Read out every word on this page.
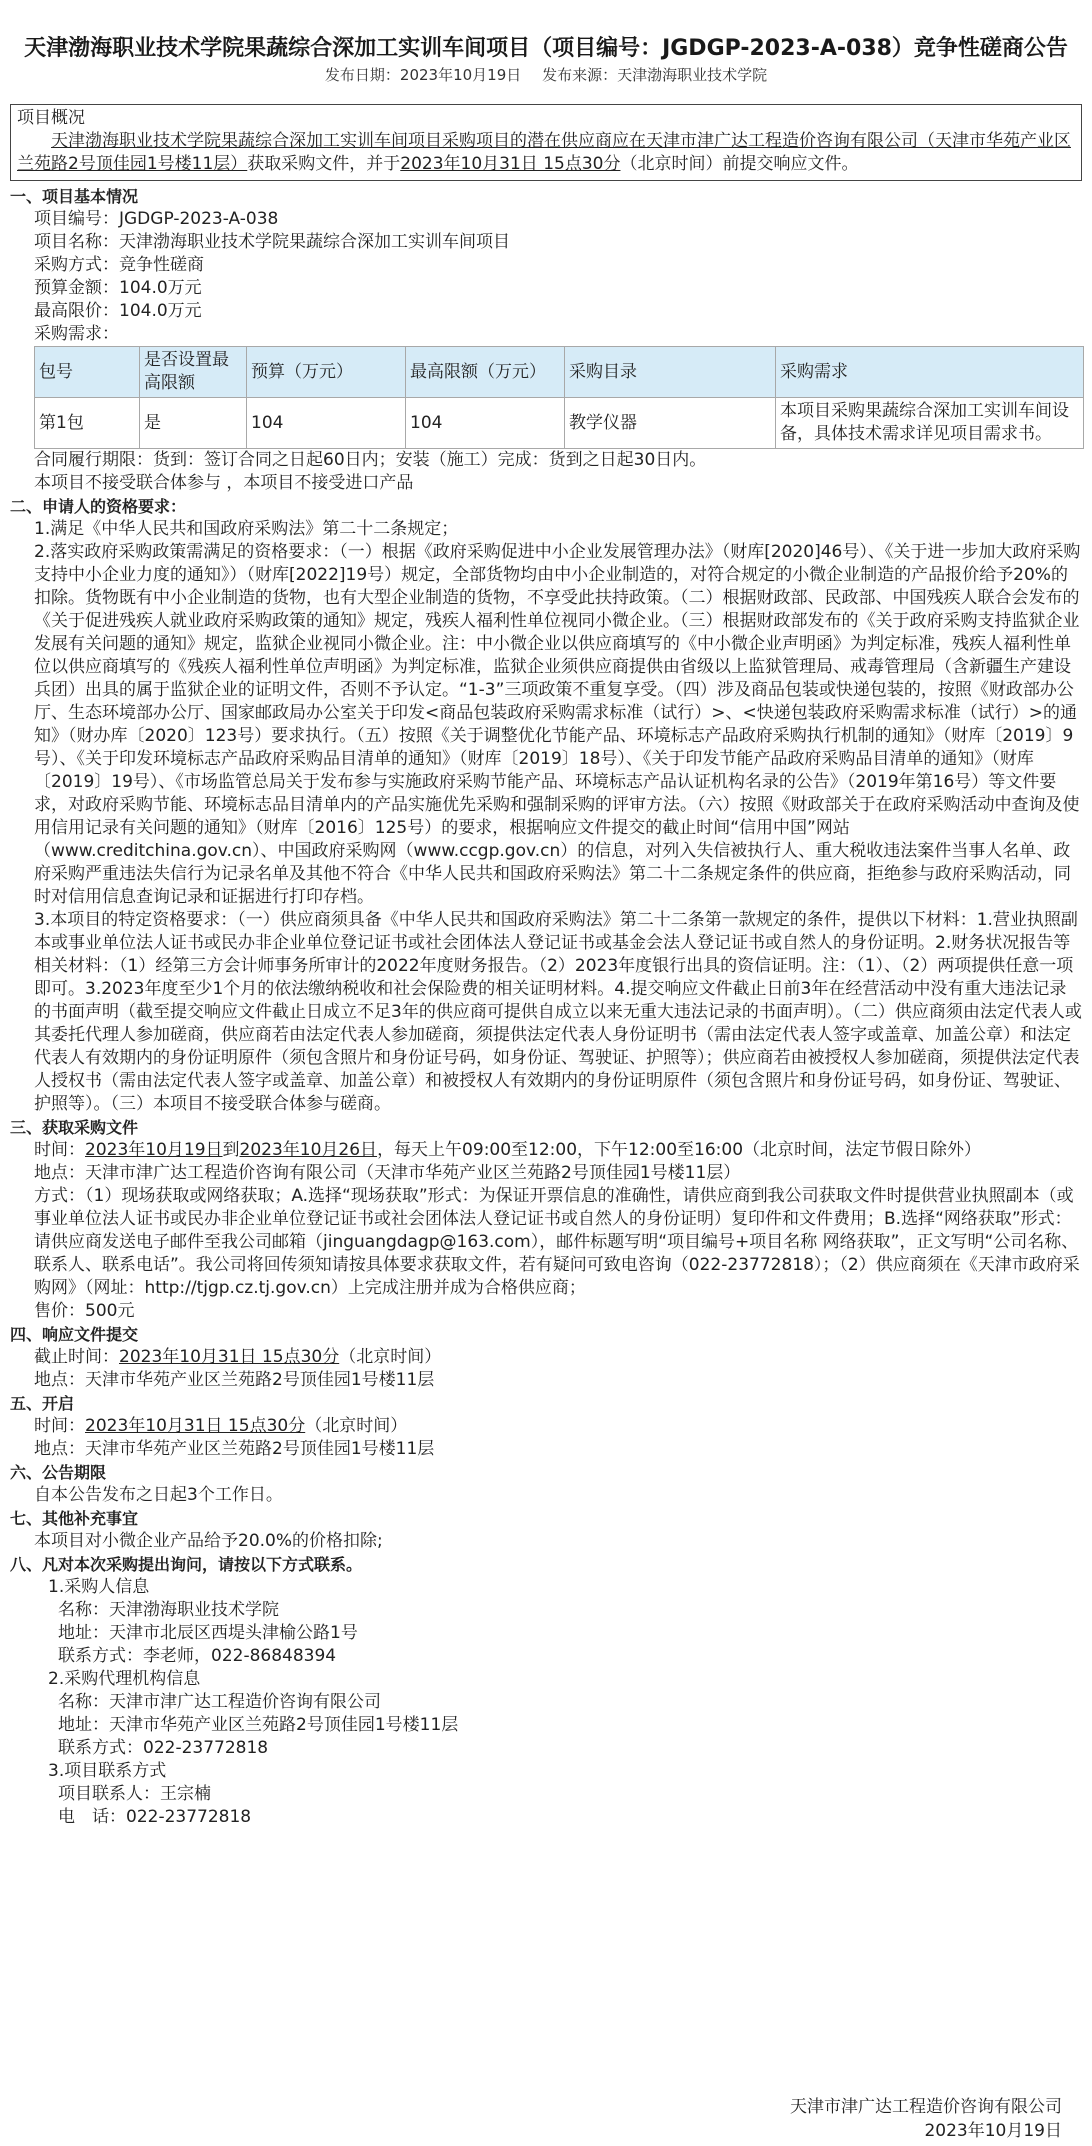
天津渤海职业技术学院果蔬综合深加工实训车间项目（项目编号：JGDGP-2023-A-038）竞争性磋商公告
发布日期：2023年10月19日 发布来源：天津渤海职业技术学院
项目概况
天津渤海职业技术学院果蔬综合深加工实训车间项目采购项目的潜在供应商应在天津市津广达工程造价咨询有限公司（天津市华苑产业区兰苑路2号顶佳园1号楼11层）获取采购文件，并于2023年10月31日 15点30分（北京时间）前提交响应文件。
一、项目基本情况

项目编号：JGDGP-2023-A-038

项目名称：天津渤海职业技术学院果蔬综合深加工实训车间项目

采购方式：竞争性磋商

预算金额：104.0万元

最高限价：104.0万元

采购需求：

包号	是否设置最高限额	预算（万元）	最高限额（万元）	采购目录	采购需求
第1包	是	104	104	教学仪器	本项目采购果蔬综合深加工实训车间设备，具体技术需求详见项目需求书。

合同履行期限：货到：签订合同之日起60日内；安装（施工）完成：货到之日起30日内。

本项目不接受联合体参与 ，本项目不接受进口产品

二、申请人的资格要求：

1.满足《中华人民共和国政府采购法》第二十二条规定；

2.落实政府采购政策需满足的资格要求：（一）根据《政府采购促进中小企业发展管理办法》（财库[2020]46号）、《关于进一步加大政府采购支持中小企业力度的通知》）（财库[2022]19号）规定，全部货物均由中小企业制造的，对符合规定的小微企业制造的产品报价给予20%的扣除。货物既有中小企业制造的货物，也有大型企业制造的货物，不享受此扶持政策。（二）根据财政部、民政部、中国残疾人联合会发布的《关于促进残疾人就业政府采购政策的通知》规定，残疾人福利性单位视同小微企业。（三）根据财政部发布的《关于政府采购支持监狱企业发展有关问题的通知》规定，监狱企业视同小微企业。注：中小微企业以供应商填写的《中小微企业声明函》为判定标准，残疾人福利性单位以供应商填写的《残疾人福利性单位声明函》为判定标准，监狱企业须供应商提供由省级以上监狱管理局、戒毒管理局（含新疆生产建设兵团）出具的属于监狱企业的证明文件，否则不予认定。“1-3”三项政策不重复享受。（四）涉及商品包装或快递包装的，按照《财政部办公厅、生态环境部办公厅、国家邮政局办公室关于印发<商品包装政府采购需求标准（试行）>、<快递包装政府采购需求标准（试行）>的通知》（财办库〔2020〕123号）要求执行。（五）按照《关于调整优化节能产品、环境标志产品政府采购执行机制的通知》（财库〔2019〕9号）、《关于印发环境标志产品政府采购品目清单的通知》（财库〔2019〕18号）、《关于印发节能产品政府采购品目清单的通知》（财库〔2019〕19号）、《市场监管总局关于发布参与实施政府采购节能产品、环境标志产品认证机构名录的公告》（2019年第16号）等文件要求，对政府采购节能、环境标志品目清单内的产品实施优先采购和强制采购的评审方法。（六）按照《财政部关于在政府采购活动中查询及使用信用记录有关问题的通知》（财库〔2016〕125号）的要求，根据响应文件提交的截止时间“信用中国”网站（www.creditchina.gov.cn）、中国政府采购网（www.ccgp.gov.cn）的信息，对列入失信被执行人、重大税收违法案件当事人名单、政府采购严重违法失信行为记录名单及其他不符合《中华人民共和国政府采购法》第二十二条规定条件的供应商，拒绝参与政府采购活动，同时对信用信息查询记录和证据进行打印存档。

3.本项目的特定资格要求：（一）供应商须具备《中华人民共和国政府采购法》第二十二条第一款规定的条件，提供以下材料：1.营业执照副本或事业单位法人证书或民办非企业单位登记证书或社会团体法人登记证书或基金会法人登记证书或自然人的身份证明。2.财务状况报告等相关材料：（1）经第三方会计师事务所审计的2022年度财务报告。（2）2023年度银行出具的资信证明。注：（1）、（2）两项提供任意一项即可。3.2023年度至少1个月的依法缴纳税收和社会保险费的相关证明材料。4.提交响应文件截止日前3年在经营活动中没有重大违法记录的书面声明（截至提交响应文件截止日成立不足3年的供应商可提供自成立以来无重大违法记录的书面声明）。（二）供应商须由法定代表人或其委托代理人参加磋商，供应商若由法定代表人参加磋商，须提供法定代表人身份证明书（需由法定代表人签字或盖章、加盖公章）和法定代表人有效期内的身份证明原件（须包含照片和身份证号码，如身份证、驾驶证、护照等）；供应商若由被授权人参加磋商，须提供法定代表人授权书（需由法定代表人签字或盖章、加盖公章）和被授权人有效期内的身份证明原件（须包含照片和身份证号码，如身份证、驾驶证、护照等）。（三）本项目不接受联合体参与磋商。

三、获取采购文件

时间：2023年10月19日到2023年10月26日，每天上午09:00至12:00，下午12:00至16:00（北京时间，法定节假日除外）

地点：天津市津广达工程造价咨询有限公司（天津市华苑产业区兰苑路2号顶佳园1号楼11层）

方式：（1）现场获取或网络获取；A.选择“现场获取”形式：为保证开票信息的准确性，请供应商到我公司获取文件时提供营业执照副本（或事业单位法人证书或民办非企业单位登记证书或社会团体法人登记证书或自然人的身份证明）复印件和文件费用；B.选择“网络获取”形式：请供应商发送电子邮件至我公司邮箱（jinguangdagp@163.com），邮件标题写明“项目编号+项目名称 网络获取”，正文写明“公司名称、联系人、联系电话”。我公司将回传须知请按具体要求获取文件，若有疑问可致电咨询（022-23772818）；（2）供应商须在《天津市政府采购网》（网址：http://tjgp.cz.tj.gov.cn）上完成注册并成为合格供应商；

售价：500元

四、响应文件提交

截止时间：2023年10月31日 15点30分（北京时间）

地点：天津市华苑产业区兰苑路2号顶佳园1号楼11层

五、开启

时间：2023年10月31日 15点30分（北京时间）

地点：天津市华苑产业区兰苑路2号顶佳园1号楼11层

六、公告期限

自本公告发布之日起3个工作日。

七、其他补充事宜

本项目对小微企业产品给予20.0%的价格扣除;

八、凡对本次采购提出询问，请按以下方式联系。

1.采购人信息

名称：天津渤海职业技术学院

地址：天津市北辰区西堤头津榆公路1号

联系方式：李老师，022-86848394

2.采购代理机构信息

名称：天津市津广达工程造价咨询有限公司

地址：天津市华苑产业区兰苑路2号顶佳园1号楼11层

联系方式：022-23772818

3.项目联系方式

项目联系人：王宗楠

电　话：022-23772818

天津市津广达工程造价咨询有限公司
2023年10月19日
